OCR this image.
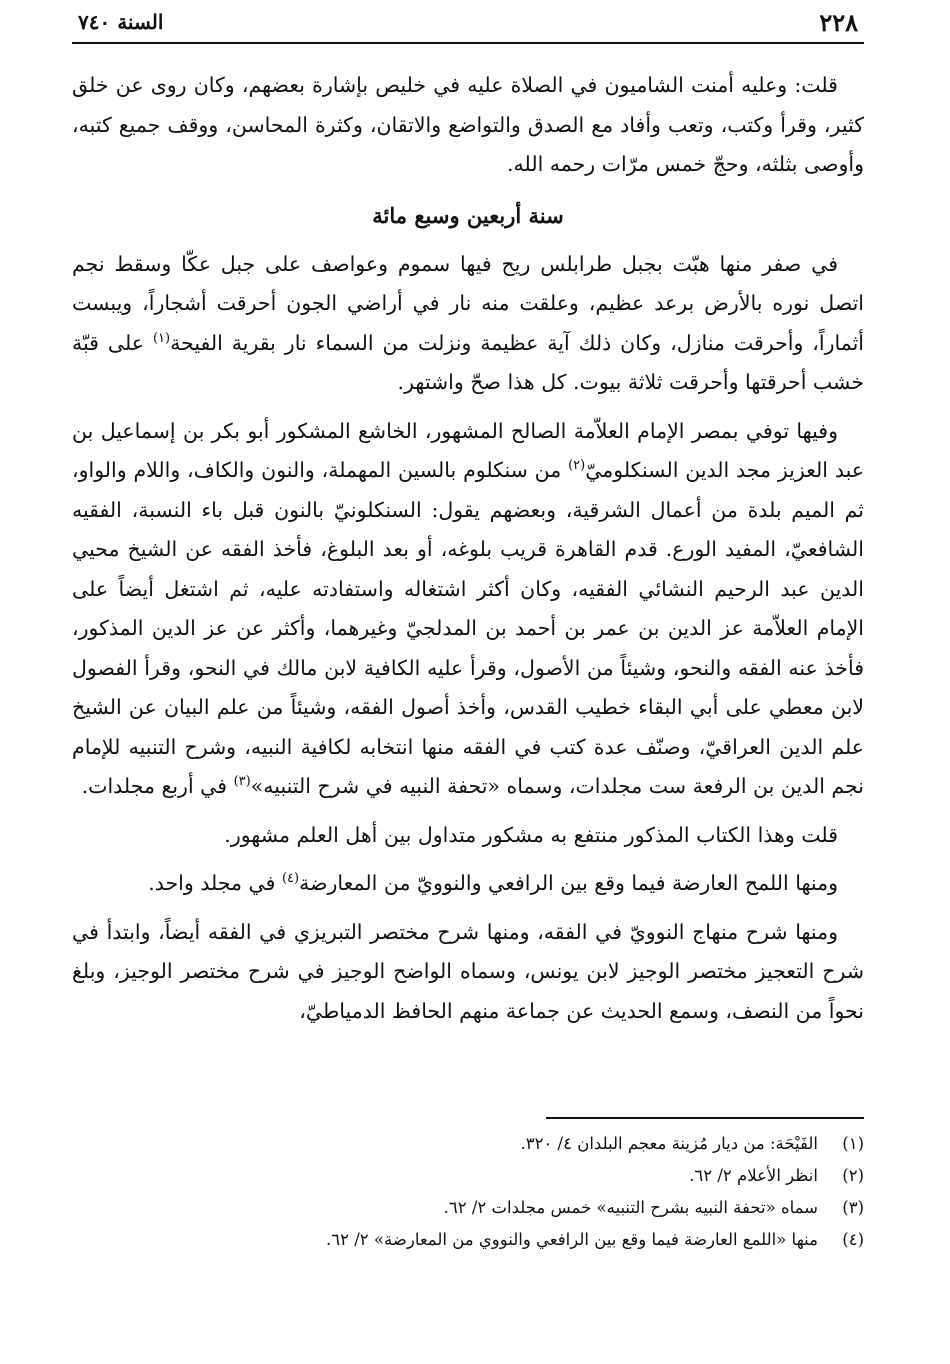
٢٢٨
السنة ٧٤٠

قلت: وعليه أمنت الشاميون في الصلاة عليه في خليص بإشارة بعضهم، وكان روى عن خلق كثير، وقرأ وكتب، وتعب وأفاد مع الصدق والتواضع والاتقان، وكثرة المحاسن، ووقف جميع كتبه، وأوصى بثلثه، وحجّ خمس مرّات رحمه الله.

سنة أربعين وسبع مائة

في صفر منها هبّت بجبل طرابلس ريح فيها سموم وعواصف على جبل عكّا وسقط نجم اتصل نوره بالأرض برعد عظيم، وعلقت منه نار في أراضي الجون أحرقت أشجاراً، ويبست أثماراً، وأحرقت منازل، وكان ذلك آية عظيمة ونزلت من السماء نار بقرية الفيحة$^{(١)}$ على قبّة خشب أحرقتها وأحرقت ثلاثة بيوت. كل هذا صحّ واشتهر.

وفيها توفي بمصر الإمام العلاّمة الصالح المشهور، الخاشع المشكور أبو بكر بن إسماعيل بن عبد العزيز مجد الدين السنكلوميّ$^{(٢)}$ من سنكلوم بالسين المهملة، والنون والكاف، واللام والواو، ثم الميم بلدة من أعمال الشرقية، وبعضهم يقول: السنكلونيّ بالنون قبل باء النسبة، الفقيه الشافعيّ، المفيد الورع. قدم القاهرة قريب بلوغه، أو بعد البلوغ، فأخذ الفقه عن الشيخ محيي الدين عبد الرحيم النشائي الفقيه، وكان أكثر اشتغاله واستفادته عليه، ثم اشتغل أيضاً على الإمام العلاّمة عز الدين بن عمر بن أحمد بن المدلجيّ وغيرهما، وأكثر عن عز الدين المذكور، فأخذ عنه الفقه والنحو، وشيئاً من الأصول، وقرأ عليه الكافية لابن مالك في النحو، وقرأ الفصول لابن معطي على أبي البقاء خطيب القدس، وأخذ أصول الفقه، وشيئاً من علم البيان عن الشيخ علم الدين العراقيّ، وصنّف عدة كتب في الفقه منها انتخابه لكافية النبيه، وشرح التنبيه للإمام نجم الدين بن الرفعة ست مجلدات، وسماه «تحفة النبيه في شرح التنبيه»$^{(٣)}$ في أربع مجلدات.

قلت وهذا الكتاب المذكور منتفع به مشكور متداول بين أهل العلم مشهور.

ومنها اللمح العارضة فيما وقع بين الرافعي والنوويّ من المعارضة$^{(٤)}$ في مجلد واحد.

ومنها شرح منهاج النوويّ في الفقه، ومنها شرح مختصر التبريزي في الفقه أيضاً، وابتدأ في شرح التعجيز مختصر الوجيز لابن يونس، وسماه الواضح الوجيز في شرح مختصر الوجيز، وبلغ نحواً من النصف، وسمع الحديث عن جماعة منهم الحافظ الدمياطيّ،

(١)
الفَيْحَة: من ديار مُزينة معجم البلدان ٤/ ٣٢٠.
(٢)
انظر الأعلام ٢/ ٦٢.
(٣)
سماه «تحفة النبيه بشرح التنبيه» خمس مجلدات ٢/ ٦٢.
(٤)
منها «اللمع العارضة فيما وقع بين الرافعي والنووي من المعارضة» ٢/ ٦٢.
